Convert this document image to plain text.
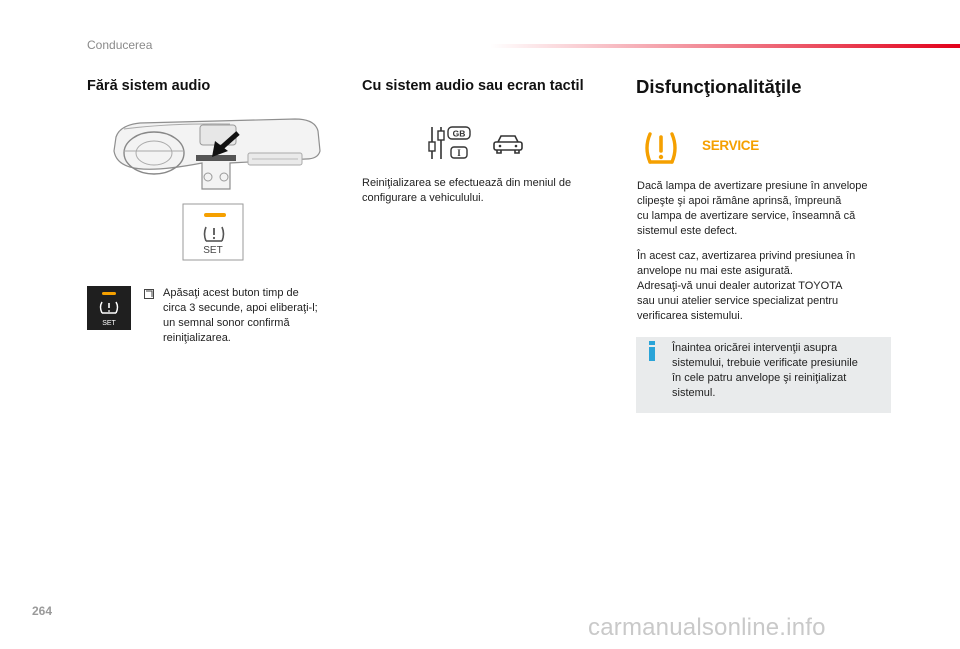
Conducerea
Fără sistem audio
SET
SET
Apăsaţi acest buton timp de
circa 3 secunde, apoi eliberaţi-l;
un semnal sonor confirmă
reiniţializarea.
Cu sistem audio sau ecran tactil
GB
I
Reiniţializarea se efectuează din meniul de
configurare a vehiculului.
Disfuncţionalităţile
SERVICE
Dacă lampa de avertizare presiune în anvelope
clipeşte şi apoi rămâne aprinsă, împreună
cu lampa de avertizare service, înseamnă că
sistemul este defect.
În acest caz, avertizarea privind presiunea în
anvelope nu mai este asigurată.
Adresaţi-vă unui dealer autorizat TOYOTA
sau unui atelier service specializat pentru
verificarea sistemului.
Înaintea oricărei intervenţii asupra
sistemului, trebuie verificate presiunile
în cele patru anvelope şi reiniţializat
sistemul.
264
carmanualsonline.info
